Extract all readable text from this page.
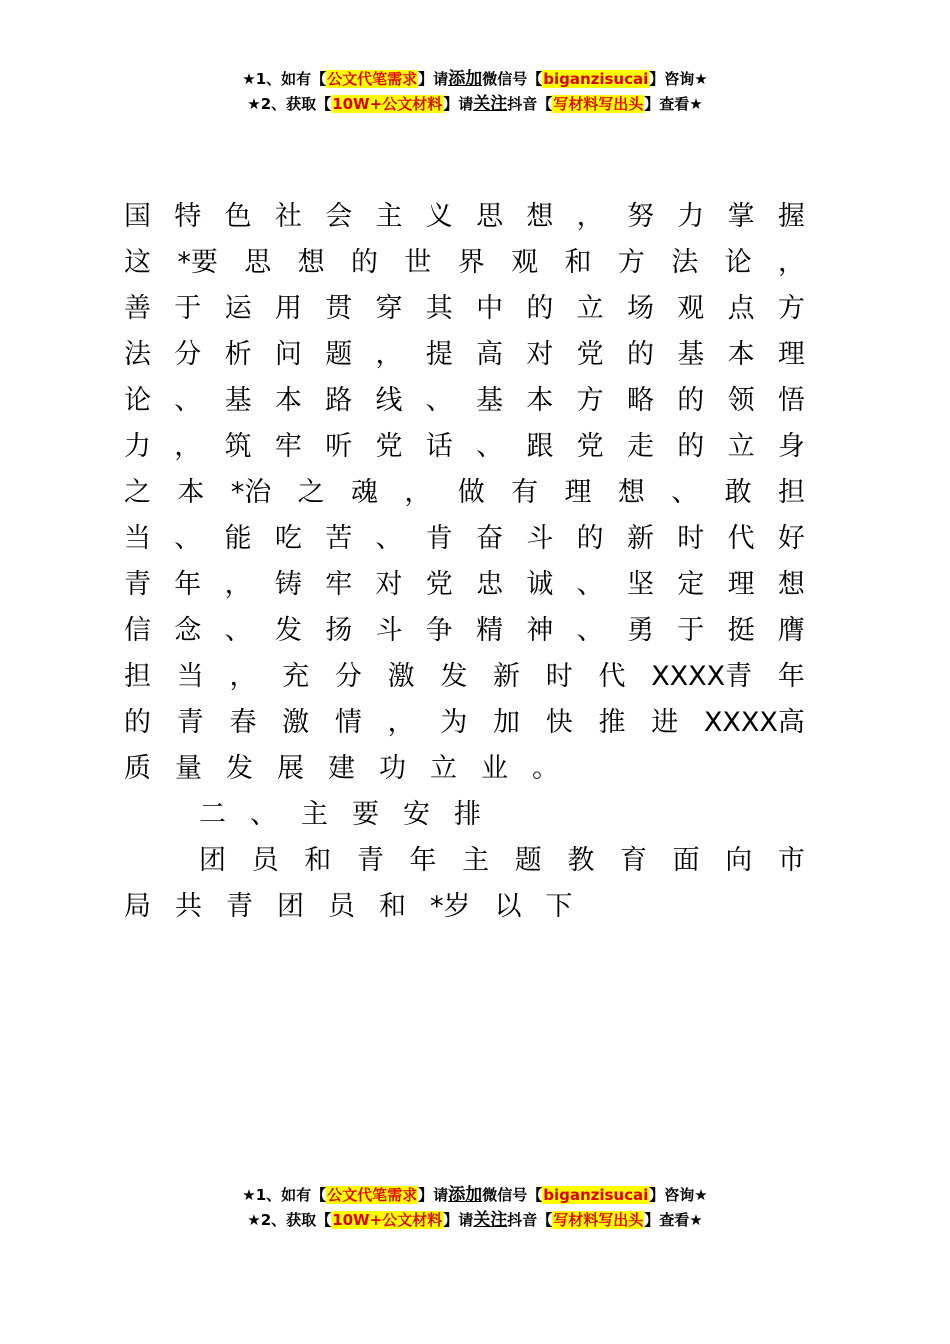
★1、如有【公文代笔需求】请添加微信号【biganzisucai】咨询★
★2、获取【10W+公文材料】请关注抖音【写材料写出头】查看★
国 特 色 社 会 主 义 思 想 ， 努 力 掌 握
这 *要 思 想 的 世 界 观 和 方 法 论 ，
善 于 运 用 贯 穿 其 中 的 立 场 观 点 方
法 分 析 问 题 ， 提 高 对 党 的 基 本 理
论 、 基 本 路 线 、 基 本 方 略 的 领 悟
力 ， 筑 牢 听 党 话 、 跟 党 走 的 立 身
之 本 *治 之 魂 ， 做 有 理 想 、 敢 担
当 、 能 吃 苦 、 肯 奋 斗 的 新 时 代 好
青 年 ， 铸 牢 对 党 忠 诚 、 坚 定 理 想
信 念 、 发 扬 斗 争 精 神 、 勇 于 挺 膺
担 当 ， 充 分 激 发 新 时 代 XXXX青 年
的 青 春 激 情 ， 为 加 快 推 进 XXXX高
质 量 发 展 建 功 立 业 。
二 、 主 要 安 排
团 员 和 青 年 主 题 教 育 面 向 市
局 共 青 团 员 和 *岁 以 下
★1、如有【公文代笔需求】请添加微信号【biganzisucai】咨询★
★2、获取【10W+公文材料】请关注抖音【写材料写出头】查看★
